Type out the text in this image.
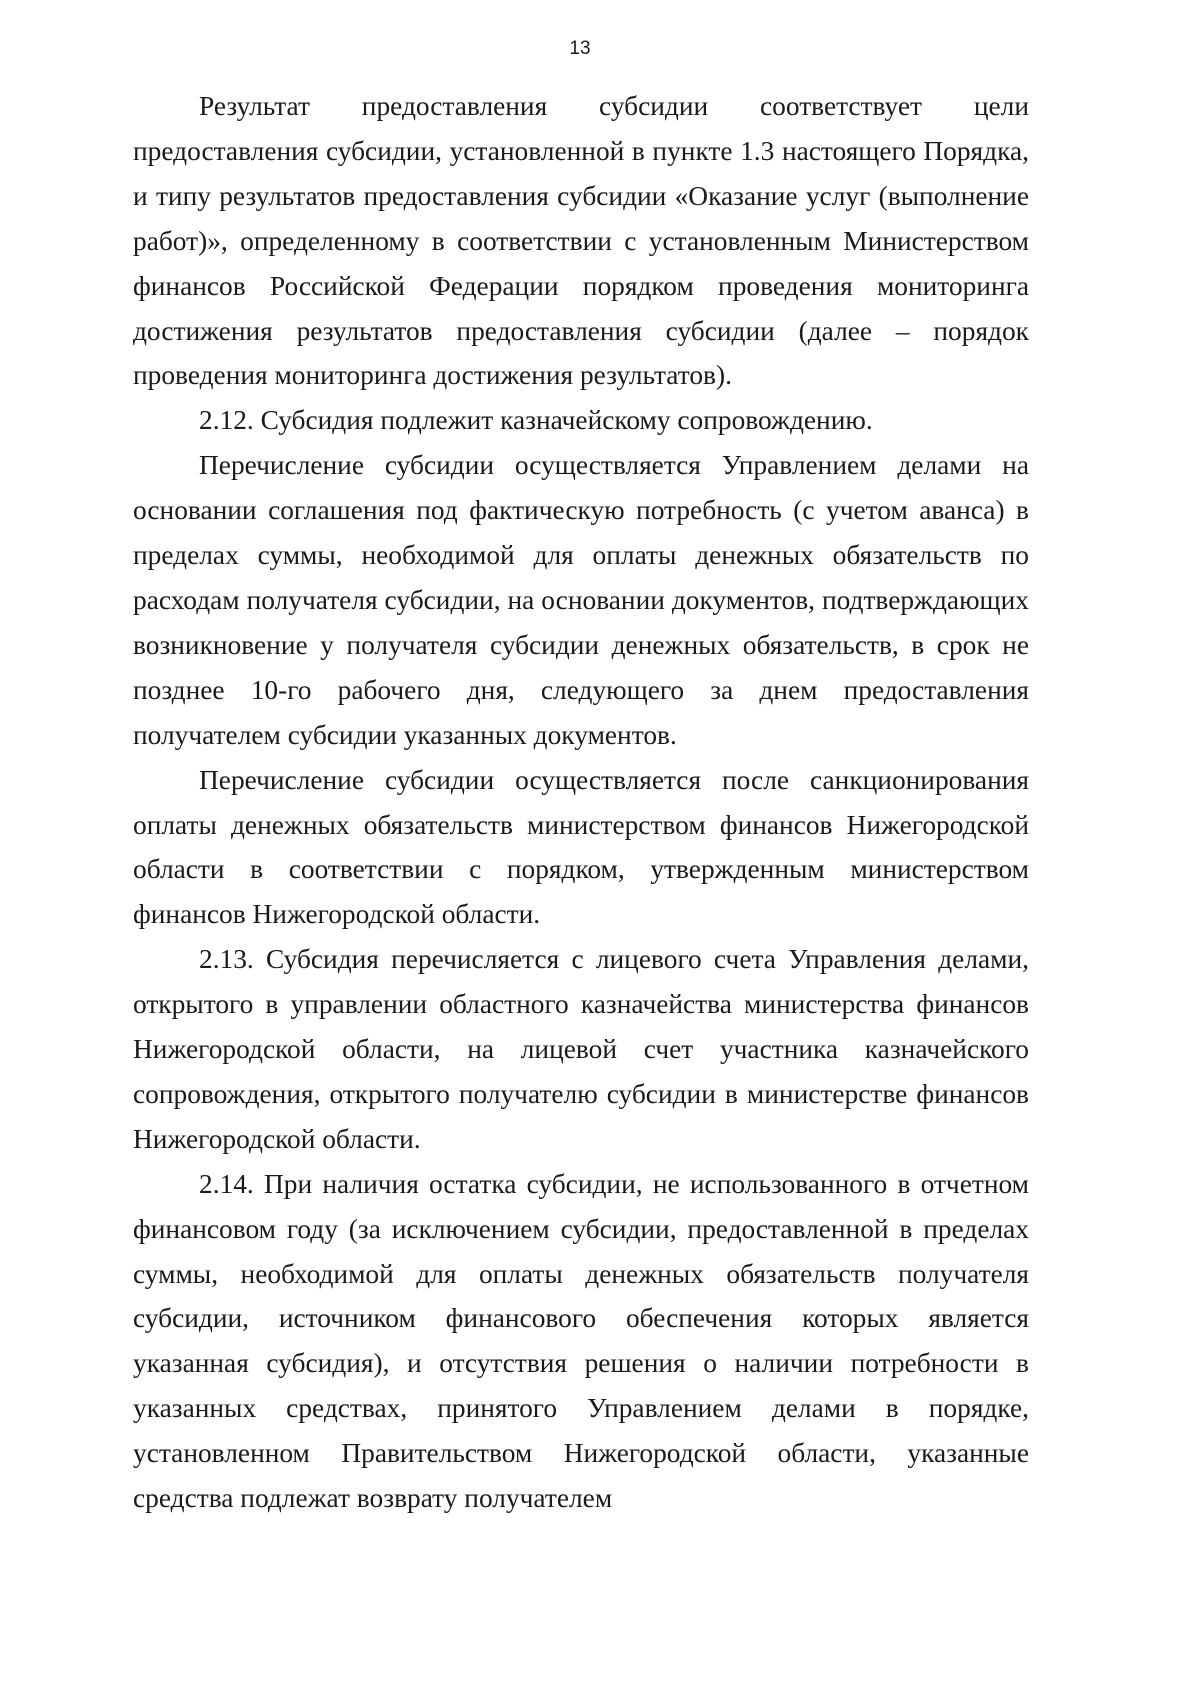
13

Результат предоставления субсидии соответствует цели предоставления субсидии, установленной в пункте 1.3 настоящего Порядка, и типу результатов предоставления субсидии «Оказание услуг (выполнение работ)», определенному в соответствии с установленным Министерством финансов Российской Федерации порядком проведения мониторинга достижения результатов предоставления субсидии (далее – порядок проведения мониторинга достижения результатов).

2.12. Субсидия подлежит казначейскому сопровождению.

Перечисление субсидии осуществляется Управлением делами на основании соглашения под фактическую потребность (с учетом аванса) в пределах суммы, необходимой для оплаты денежных обязательств по расходам получателя субсидии, на основании документов, подтверждающих возникновение у получателя субсидии денежных обязательств, в срок не позднее 10-го рабочего дня, следующего за днем предоставления получателем субсидии указанных документов.

Перечисление субсидии осуществляется после санкционирования оплаты денежных обязательств министерством финансов Нижегородской области в соответствии с порядком, утвержденным министерством финансов Нижегородской области.

2.13. Субсидия перечисляется с лицевого счета Управления делами, открытого в управлении областного казначейства министерства финансов Нижегородской области, на лицевой счет участника казначейского сопровождения, открытого получателю субсидии в министерстве финансов Нижегородской области.

2.14. При наличия остатка субсидии, не использованного в отчетном финансовом году (за исключением субсидии, предоставленной в пределах суммы, необходимой для оплаты денежных обязательств получателя субсидии, источником финансового обеспечения которых является указанная субсидия), и отсутствия решения о наличии потребности в указанных средствах, принятого Управлением делами в порядке, установленном Правительством Нижегородской области, указанные средства подлежат возврату получателем
